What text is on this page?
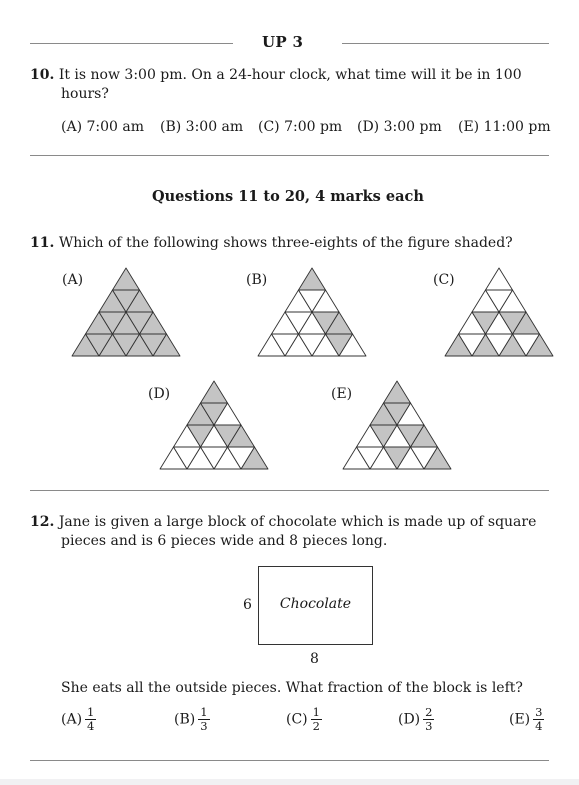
UP 3
10. It is now 3:00 pm. On a 24-hour clock, what time will it be in 100
hours?
(A) 7:00 am (B) 3:00 am (C) 7:00 pm (D) 3:00 pm (E) 11:00 pm
Questions 11 to 20, 4 marks each
11. Which of the following shows three-eights of the figure shaded?
(A)	(B)	(C)
(D)	(E)
12. Jane is given a large block of chocolate which is made up of square
pieces and is 6 pieces wide and 8 pieces long.
Chocolate
6
8
She eats all the outside pieces. What fraction of the block is left?
$(A) \frac{1}{4}$	$(B) \frac{1}{3}$	$(C) \frac{1}{2}$	$(D) \frac{2}{3}$	$(E) \frac{3}{4}$
